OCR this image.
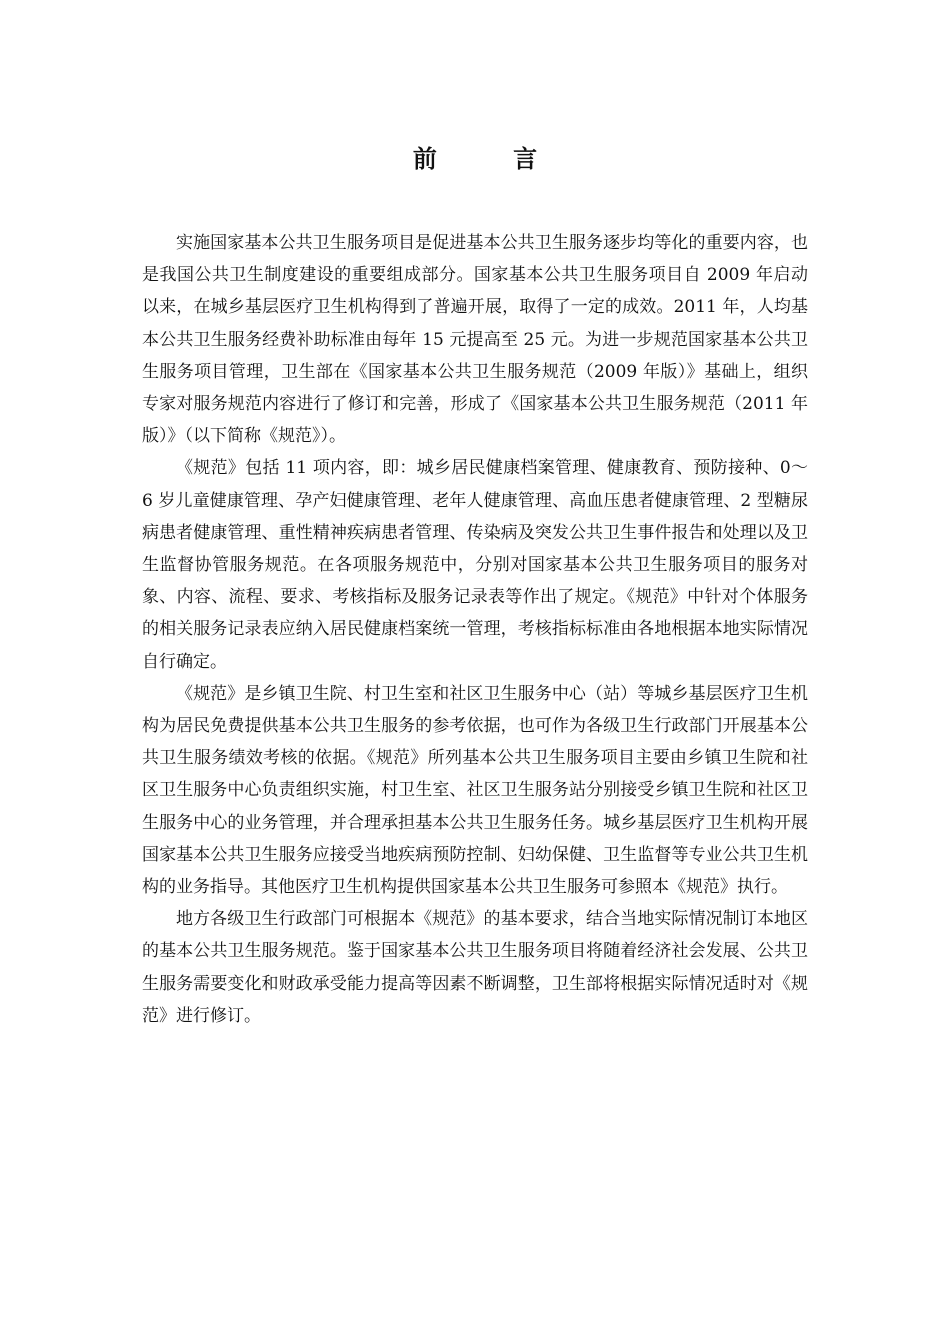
前 言

实施国家基本公共卫生服务项目是促进基本公共卫生服务逐步均等化的重要内容，也是我国公共卫生制度建设的重要组成部分。国家基本公共卫生服务项目自 2009 年启动以来，在城乡基层医疗卫生机构得到了普遍开展，取得了一定的成效。2011 年，人均基本公共卫生服务经费补助标准由每年 15 元提高至 25 元。为进一步规范国家基本公共卫生服务项目管理，卫生部在《国家基本公共卫生服务规范（2009 年版）》基础上，组织专家对服务规范内容进行了修订和完善，形成了《国家基本公共卫生服务规范（2011 年版）》（以下简称《规范》）。

《规范》包括 11 项内容，即：城乡居民健康档案管理、健康教育、预防接种、0～6 岁儿童健康管理、孕产妇健康管理、老年人健康管理、高血压患者健康管理、2 型糖尿病患者健康管理、重性精神疾病患者管理、传染病及突发公共卫生事件报告和处理以及卫生监督协管服务规范。在各项服务规范中，分别对国家基本公共卫生服务项目的服务对象、内容、流程、要求、考核指标及服务记录表等作出了规定。《规范》中针对个体服务的相关服务记录表应纳入居民健康档案统一管理，考核指标标准由各地根据本地实际情况自行确定。

《规范》是乡镇卫生院、村卫生室和社区卫生服务中心（站）等城乡基层医疗卫生机构为居民免费提供基本公共卫生服务的参考依据，也可作为各级卫生行政部门开展基本公共卫生服务绩效考核的依据。《规范》所列基本公共卫生服务项目主要由乡镇卫生院和社区卫生服务中心负责组织实施，村卫生室、社区卫生服务站分别接受乡镇卫生院和社区卫生服务中心的业务管理，并合理承担基本公共卫生服务任务。城乡基层医疗卫生机构开展国家基本公共卫生服务应接受当地疾病预防控制、妇幼保健、卫生监督等专业公共卫生机构的业务指导。其他医疗卫生机构提供国家基本公共卫生服务可参照本《规范》执行。

地方各级卫生行政部门可根据本《规范》的基本要求，结合当地实际情况制订本地区的基本公共卫生服务规范。鉴于国家基本公共卫生服务项目将随着经济社会发展、公共卫生服务需要变化和财政承受能力提高等因素不断调整，卫生部将根据实际情况适时对《规范》进行修订。
